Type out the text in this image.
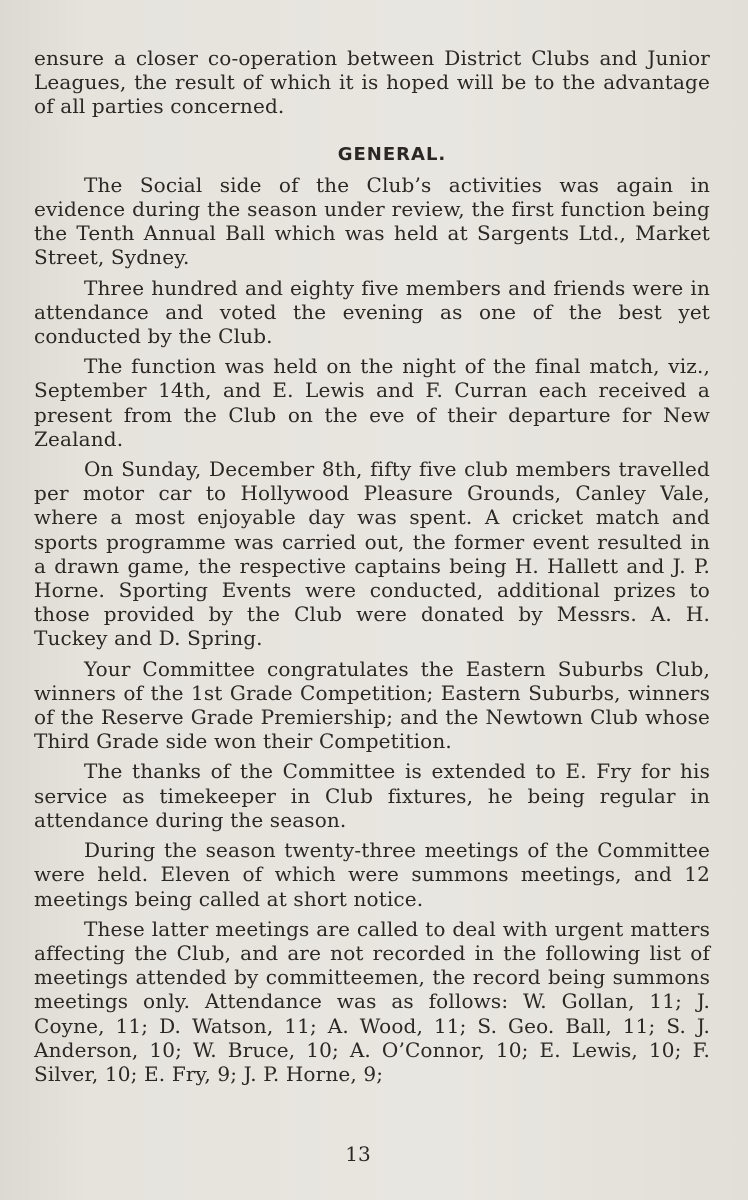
ensure a closer co-operation between District Clubs and Junior Leagues, the result of which it is hoped will be to the advantage of all parties concerned.

GENERAL.

The Social side of the Club’s activities was again in evidence during the season under review, the first function being the Tenth Annual Ball which was held at Sargents Ltd., Market Street, Sydney.

Three hundred and eighty five members and friends were in attendance and voted the evening as one of the best yet conducted by the Club.

The function was held on the night of the final match, viz., September 14th, and E. Lewis and F. Curran each received a present from the Club on the eve of their departure for New Zealand.

On Sunday, December 8th, fifty five club members travelled per motor car to Hollywood Pleasure Grounds, Canley Vale, where a most enjoyable day was spent. A cricket match and sports programme was carried out, the former event resulted in a drawn game, the respective captains being H. Hallett and J. P. Horne. Sporting Events were conducted, additional prizes to those provided by the Club were donated by Messrs. A. H. Tuckey and D. Spring.

Your Committee congratulates the Eastern Suburbs Club, winners of the 1st Grade Competition; Eastern Suburbs, winners of the Reserve Grade Premiership; and the Newtown Club whose Third Grade side won their Competition.

The thanks of the Committee is extended to E. Fry for his service as timekeeper in Club fixtures, he being regular in attendance during the season.

During the season twenty-three meetings of the Committee were held. Eleven of which were summons meetings, and 12 meetings being called at short notice.

These latter meetings are called to deal with urgent matters affecting the Club, and are not recorded in the following list of meetings attended by committeemen, the record being summons meetings only. Attendance was as follows: W. Gollan, 11; J. Coyne, 11; D. Watson, 11; A. Wood, 11; S. Geo. Ball, 11; S. J. Anderson, 10; W. Bruce, 10; A. O’Connor, 10; E. Lewis, 10; F. Silver, 10; E. Fry, 9; J. P. Horne, 9;

13
